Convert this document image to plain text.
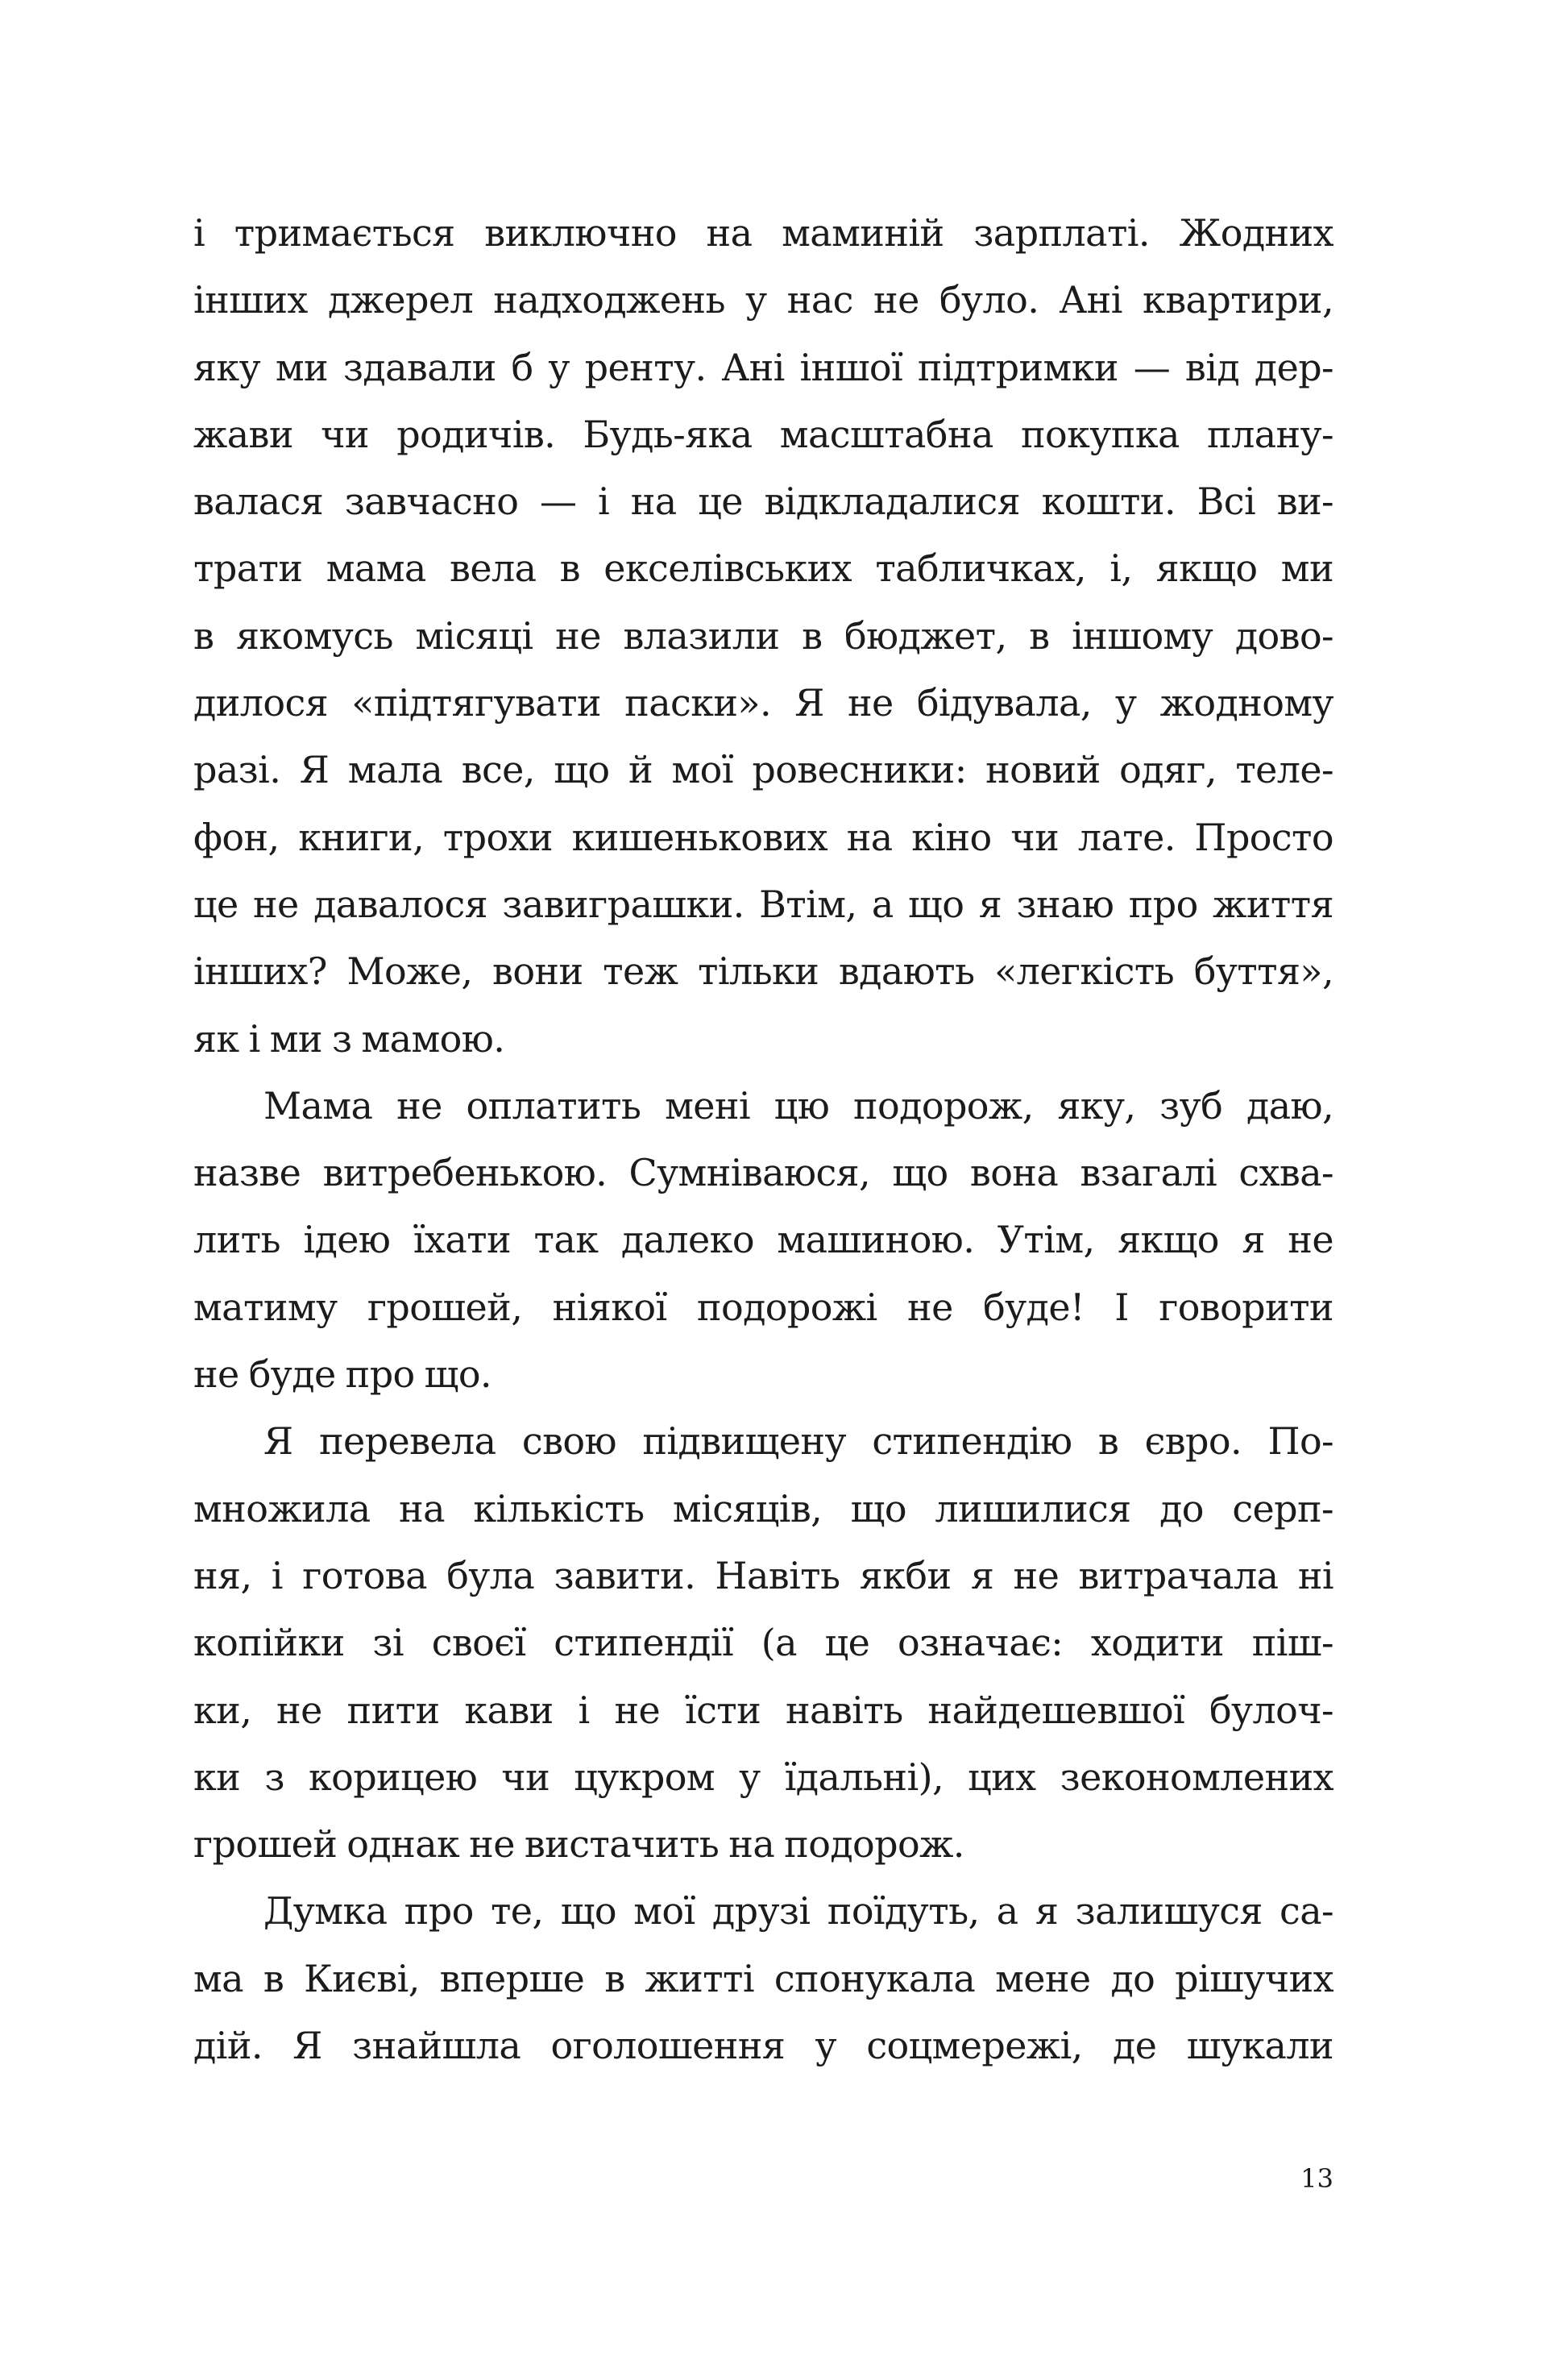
і тримається виключно на маминій зарплаті. Жодних
інших джерел надходжень у нас не було. Ані квартири,
яку ми здавали б у ренту. Ані іншої підтримки — від дер-
жави чи родичів. Будь-яка масштабна покупка плану-
валася завчасно — і на це відкладалися кошти. Всі ви-
трати мама вела в екселівських табличках, і, якщо ми
в якомусь місяці не влазили в бюджет, в іншому дово-
дилося «підтягувати паски». Я не бідувала, у жодному
разі. Я мала все, що й мої ровесники: новий одяг, теле-
фон, книги, трохи кишенькових на кіно чи лате. Просто
це не давалося завиграшки. Втім, а що я знаю про життя
інших? Може, вони теж тільки вдають «легкість буття»,
як і ми з мамою.
Мама не оплатить мені цю подорож, яку, зуб даю,
назве витребенькою. Сумніваюся, що вона взагалі схва-
лить ідею їхати так далеко машиною. Утім, якщо я не
матиму грошей, ніякої подорожі не буде! І говорити
не буде про що.
Я перевела свою підвищену стипендію в євро. По-
множила на кількість місяців, що лишилися до серп-
ня, і готова була завити. Навіть якби я не витрачала ні
копійки зі своєї стипендії (а це означає: ходити піш-
ки, не пити кави і не їсти навіть найдешевшої булоч-
ки з корицею чи цукром у їдальні), цих зекономлених
грошей однак не вистачить на подорож.
Думка про те, що мої друзі поїдуть, а я залишуся са-
ма в Києві, вперше в житті спонукала мене до рішучих
дій. Я знайшла оголошення у соцмережі, де шукали
13
